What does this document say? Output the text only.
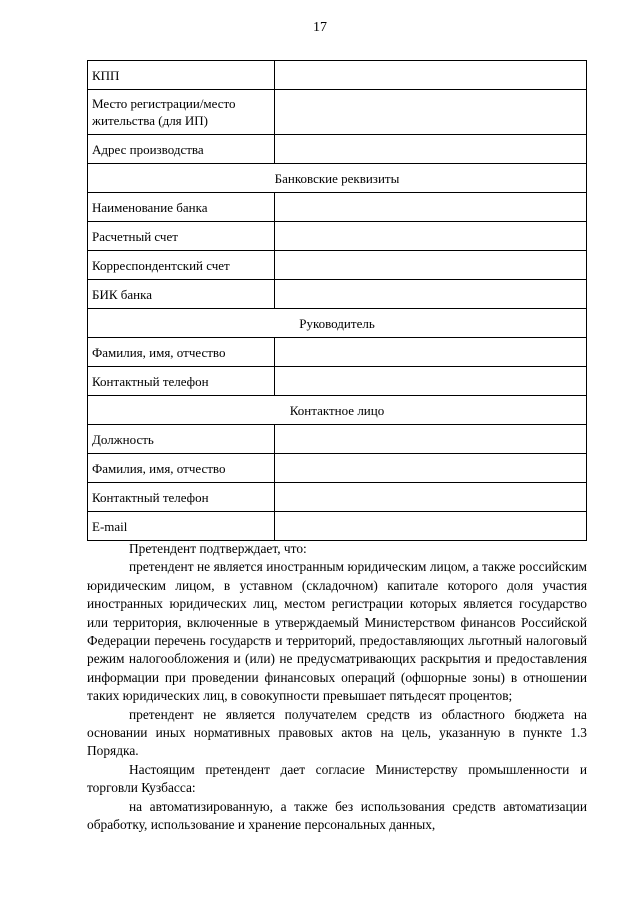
17
КПП	
Место регистрации/место жительства (для ИП)	
Адрес производства	
Банковские реквизиты	
Наименование банка	
Расчетный счет	
Корреспондентский счет	
БИК банка	
Руководитель	
Фамилия, имя, отчество	
Контактный телефон	
Контактное лицо	
Должность	
Фамилия, имя, отчество	
Контактный телефон	
E-mail	

Претендент подтверждает, что:

претендент не является иностранным юридическим лицом, а также российским юридическим лицом, в уставном (складочном) капитале которого доля участия иностранных юридических лиц, местом регистрации которых является государство или территория, включенные в утверждаемый Министерством финансов Российской Федерации перечень государств и территорий, предоставляющих льготный налоговый режим налогообложения и (или) не предусматривающих раскрытия и предоставления информации при проведении финансовых операций (офшорные зоны) в отношении таких юридических лиц, в совокупности превышает пятьдесят процентов;

претендент не является получателем средств из областного бюджета на основании иных нормативных правовых актов на цель, указанную в пункте 1.3 Порядка.

Настоящим претендент дает согласие Министерству промышленности и торговли Кузбасса:

на автоматизированную, а также без использования средств автоматизации обработку, использование и хранение персональных данных,
